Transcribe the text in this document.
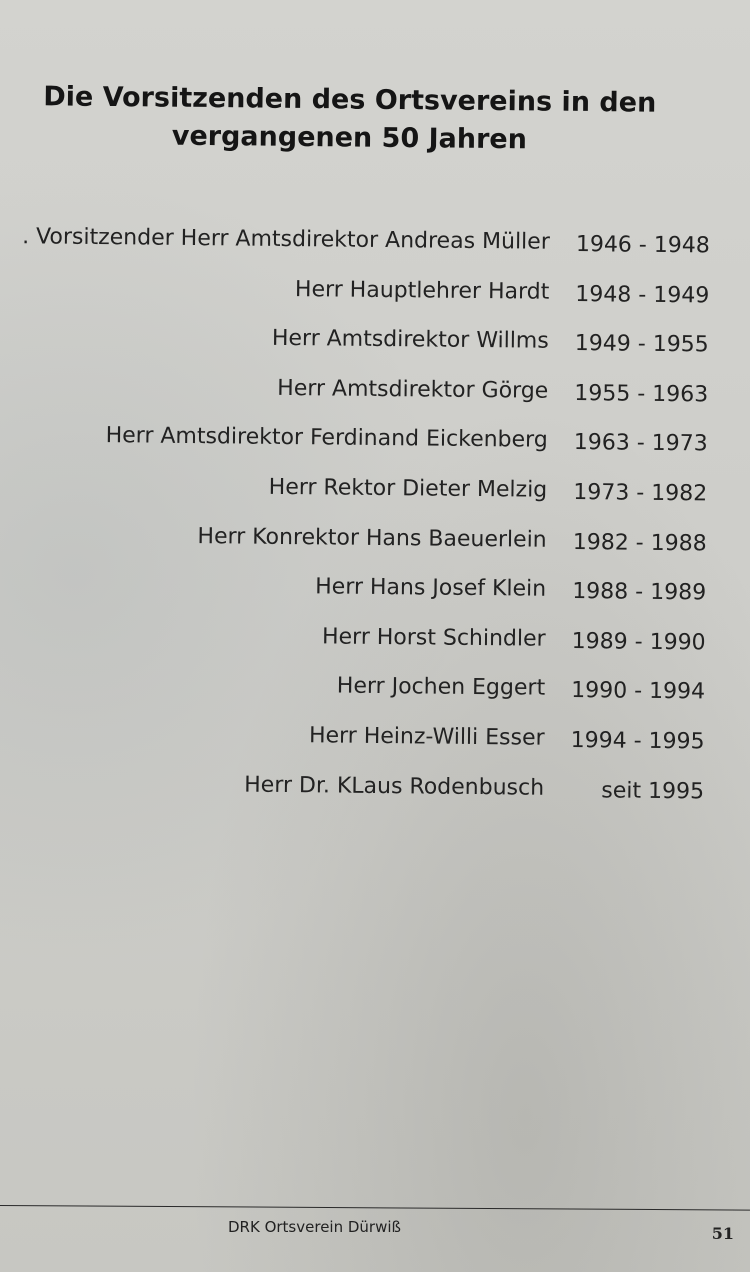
Die Vorsitzenden des Ortsvereins in den
vergangenen 50 Jahren
. Vorsitzender Herr Amtsdirektor Andreas Müller 1946 - 1948
Herr Hauptlehrer Hardt 1948 - 1949
Herr Amtsdirektor Willms 1949 - 1955
Herr Amtsdirektor Görge 1955 - 1963
Herr Amtsdirektor Ferdinand Eickenberg 1963 - 1973
Herr Rektor Dieter Melzig 1973 - 1982
Herr Konrektor Hans Baeuerlein 1982 - 1988
Herr Hans Josef Klein 1988 - 1989
Herr Horst Schindler 1989 - 1990
Herr Jochen Eggert 1990 - 1994
Herr Heinz-Willi Esser 1994 - 1995
Herr Dr. KLaus Rodenbusch	seit 1995
DRK Ortsverein Dürwiß	51
